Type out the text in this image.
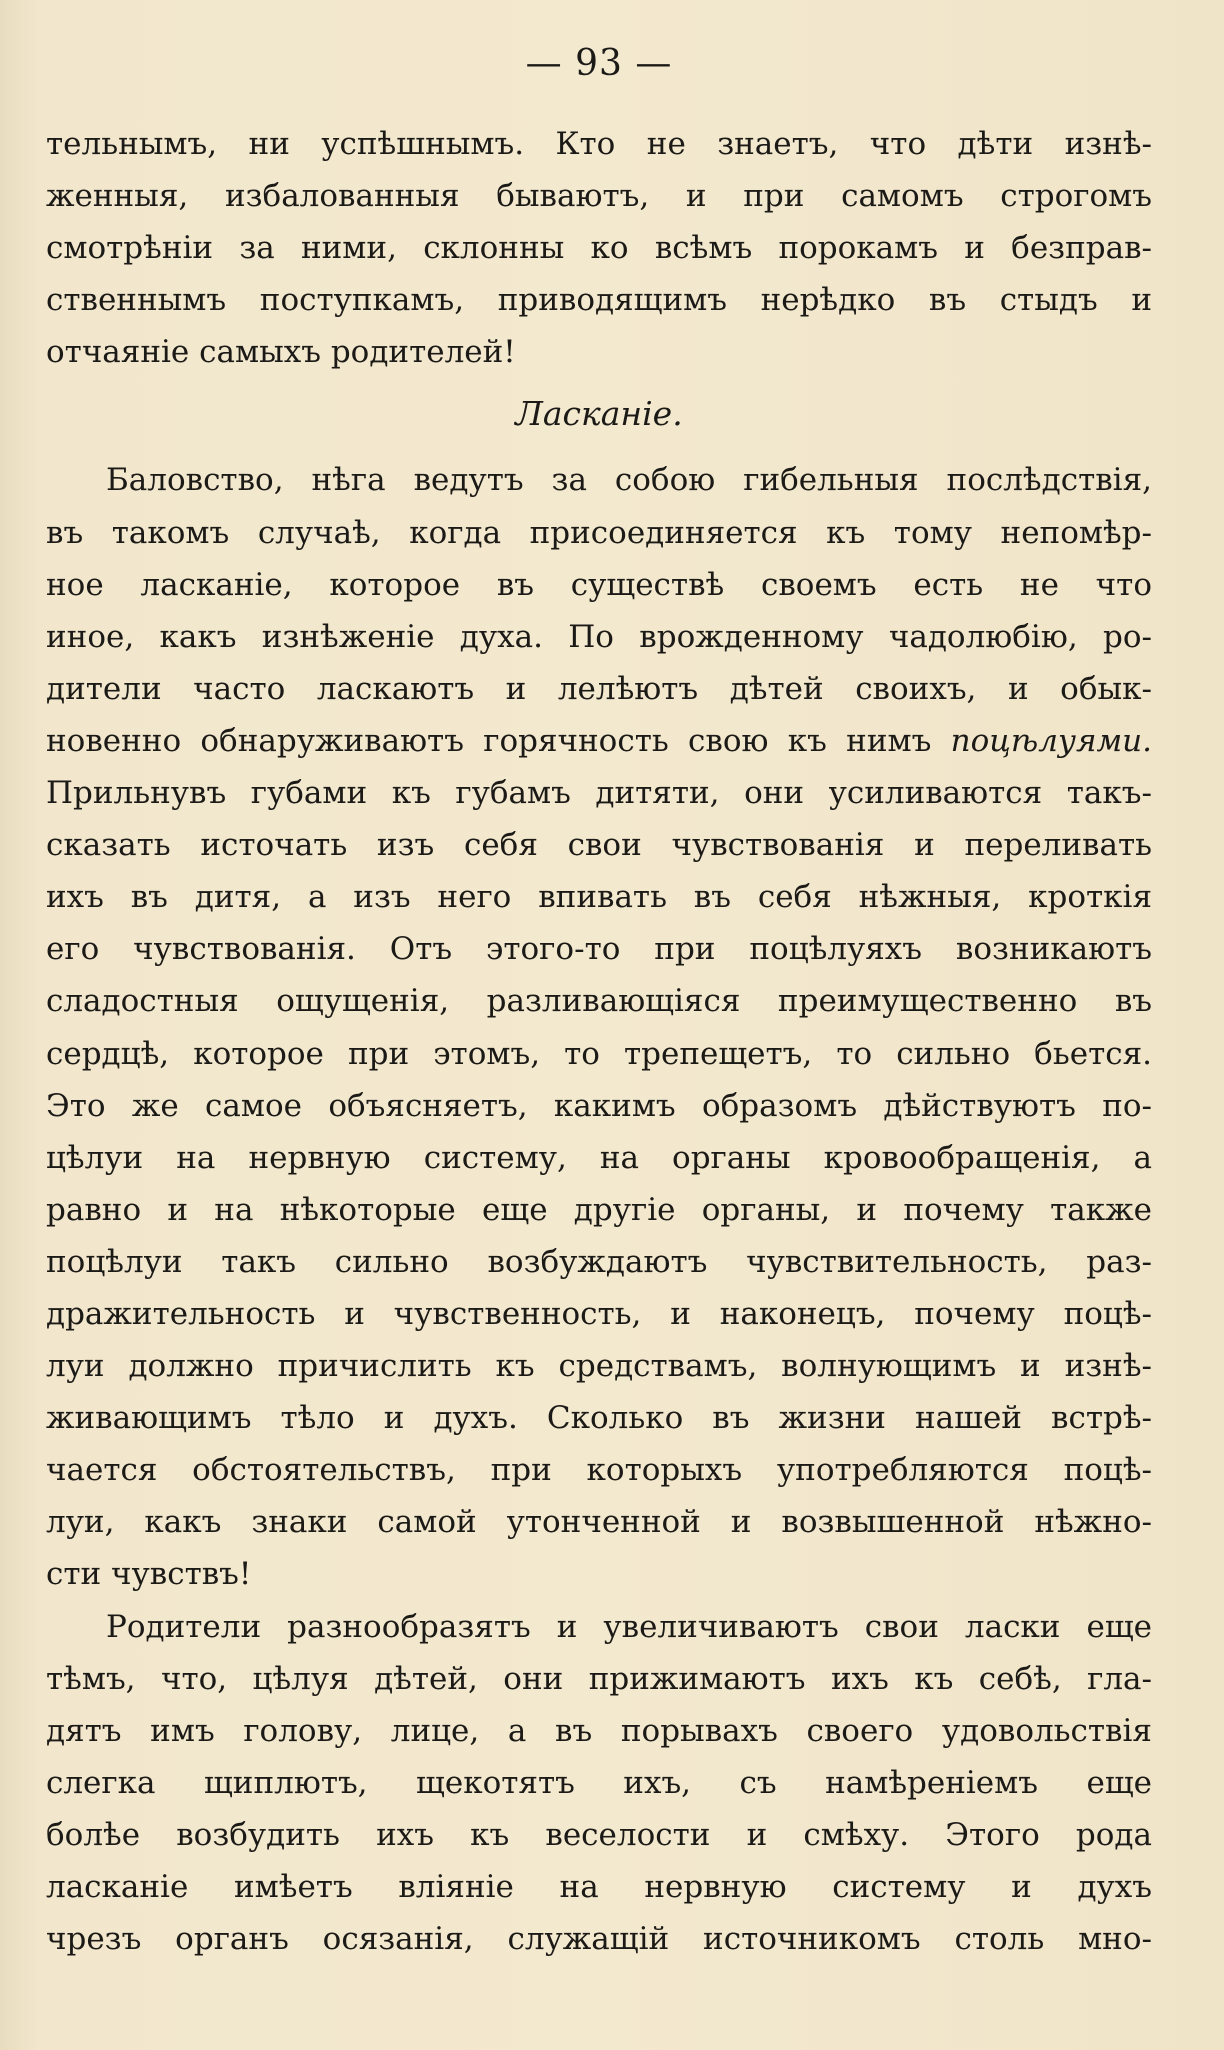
— 93 —
тельнымъ, ни успѣшнымъ. Кто не знаетъ, что дѣти изнѣ-
женныя, избалованныя бываютъ, и при самомъ строгомъ
смотрѣніи за ними, склонны ко всѣмъ порокамъ и безправ-
ственнымъ поступкамъ, приводящимъ нерѣдко въ стыдъ и
отчаяніе самыхъ родителей!
Ласканіе.
Баловство, нѣга ведутъ за собою гибельныя послѣдствія,
въ такомъ случаѣ, когда присоединяется къ тому непомѣр-
ное ласканіе, которое въ существѣ своемъ есть не что
иное, какъ изнѣженіе духа. По врожденному чадолюбію, ро-
дители часто ласкаютъ и лелѣютъ дѣтей своихъ, и обык-
новенно обнаруживаютъ горячность свою къ нимъ поцѣлуями.
Прильнувъ губами къ губамъ дитяти, они усиливаются такъ-
сказать источать изъ себя свои чувствованія и переливать
ихъ въ дитя, а изъ него впивать въ себя нѣжныя, кроткія
его чувствованія. Отъ этого-то при поцѣлуяхъ возникаютъ
сладостныя ощущенія, разливающіяся преимущественно въ
сердцѣ, которое при этомъ, то трепещетъ, то сильно бьется.
Это же самое объясняетъ, какимъ образомъ дѣйствуютъ по-
цѣлуи на нервную систему, на органы кровообращенія, а
равно и на нѣкоторые еще другіе органы, и почему также
поцѣлуи такъ сильно возбуждаютъ чувствительность, раз-
дражительность и чувственность, и наконецъ, почему поцѣ-
луи должно причислить къ средствамъ, волнующимъ и изнѣ-
живающимъ тѣло и духъ. Сколько въ жизни нашей встрѣ-
чается обстоятельствъ, при которыхъ употребляются поцѣ-
луи, какъ знаки самой утонченной и возвышенной нѣжно-
сти чувствъ!
Родители разнообразятъ и увеличиваютъ свои ласки еще
тѣмъ, что, цѣлуя дѣтей, они прижимаютъ ихъ къ себѣ, гла-
дятъ имъ голову, лице, а въ порывахъ своего удовольствія
слегка щиплютъ, щекотятъ ихъ, съ намѣреніемъ еще
болѣе возбудить ихъ къ веселости и смѣху. Этого рода
ласканіе имѣетъ вліяніе на нервную систему и духъ
чрезъ органъ осязанія, служащій источникомъ столь мно-
